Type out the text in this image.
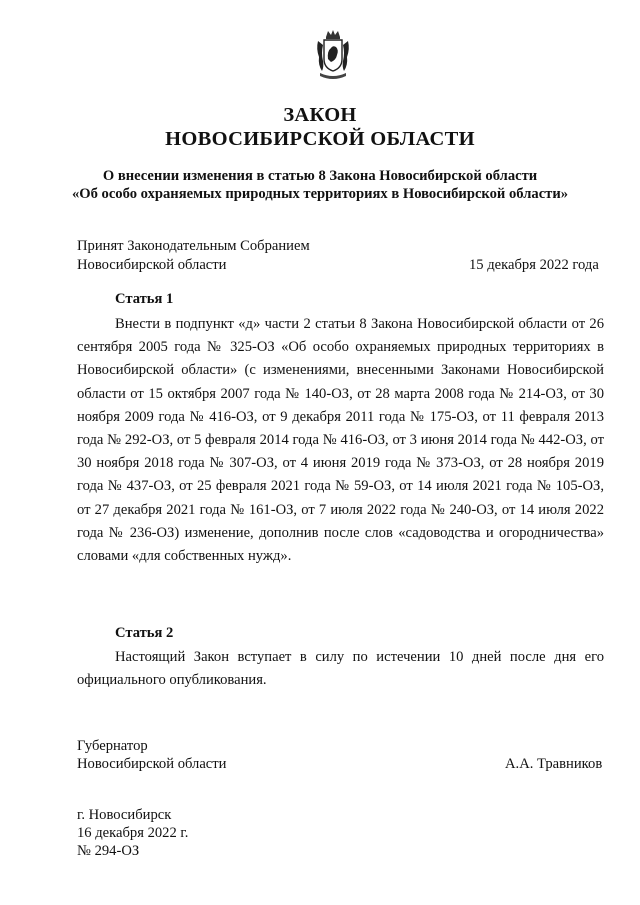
ЗАКОН
НОВОСИБИРСКОЙ ОБЛАСТИ
О внесении изменения в статью 8 Закона Новосибирской области
«Об особо охраняемых природных территориях в Новосибирской области»
Принят Законодательным Собранием
Новосибирской области	15 декабря 2022 года
Статья 1

Внести в подпункт «д» части 2 статьи 8 Закона Новосибирской области от 26 сентября 2005 года № 325-ОЗ «Об особо охраняемых природных территориях в Новосибирской области» (с изменениями, внесенными Законами Новосибирской области от 15 октября 2007 года № 140-ОЗ, от 28 марта 2008 года № 214-ОЗ, от 30 ноября 2009 года № 416-ОЗ, от 9 декабря 2011 года № 175-ОЗ, от 11 февраля 2013 года № 292-ОЗ, от 5 февраля 2014 года № 416-ОЗ, от 3 июня 2014 года № 442-ОЗ, от 30 ноября 2018 года № 307-ОЗ, от 4 июня 2019 года № 373-ОЗ, от 28 ноября 2019 года № 437-ОЗ, от 25 февраля 2021 года № 59-ОЗ, от 14 июля 2021 года № 105-ОЗ, от 27 декабря 2021 года № 161-ОЗ, от 7 июля 2022 года № 240-ОЗ, от 14 июля 2022 года № 236-ОЗ) изменение, дополнив после слов «садоводства и огородничества» словами «для собственных нужд».

Статья 2

Настоящий Закон вступает в силу по истечении 10 дней после дня его официального опубликования.

Губернатор
Новосибирской области	А.А. Травников
г. Новосибирск
16 декабря 2022 г.
№ 294-ОЗ
